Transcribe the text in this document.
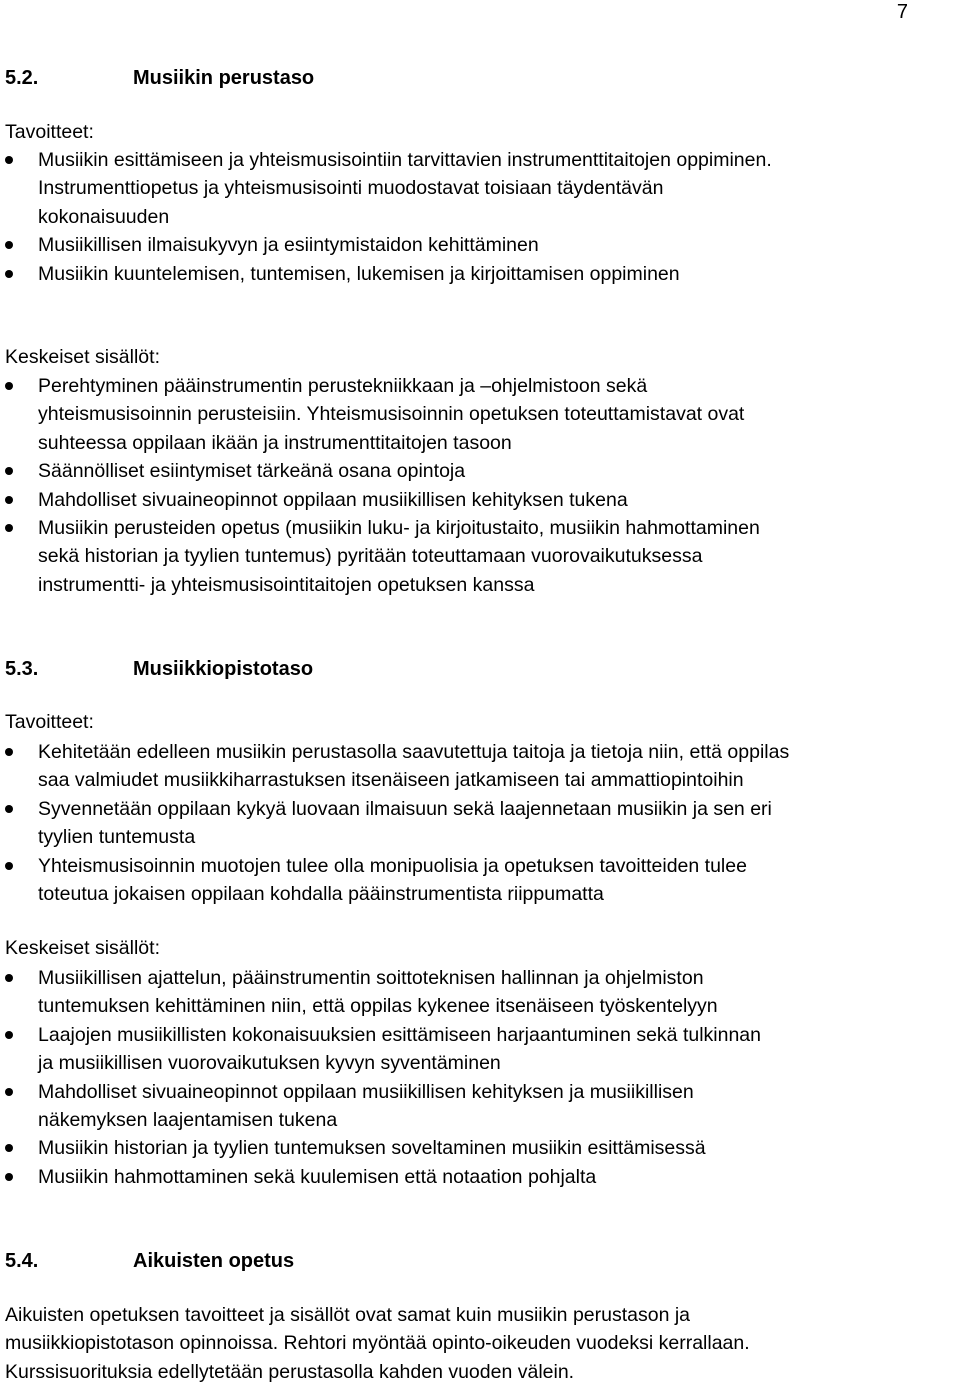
7
5.2.	Musiikin perustaso
Tavoitteet:
Musiikin esittämiseen ja yhteismusisointiin tarvittavien instrumenttitaitojen oppiminen.
Instrumenttiopetus ja yhteismusisointi muodostavat toisiaan täydentävän
kokonaisuuden
Musiikillisen ilmaisukyvyn ja esiintymistaidon kehittäminen
Musiikin kuuntelemisen, tuntemisen, lukemisen ja kirjoittamisen oppiminen
Keskeiset sisällöt:
Perehtyminen pääinstrumentin perustekniikkaan ja –ohjelmistoon sekä
yhteismusisoinnin perusteisiin. Yhteismusisoinnin opetuksen toteuttamistavat ovat
suhteessa oppilaan ikään ja instrumenttitaitojen tasoon
Säännölliset esiintymiset tärkeänä osana opintoja
Mahdolliset sivuaineopinnot oppilaan musiikillisen kehityksen tukena
Musiikin perusteiden opetus (musiikin luku- ja kirjoitustaito, musiikin hahmottaminen
sekä historian ja tyylien tuntemus) pyritään toteuttamaan vuorovaikutuksessa
instrumentti- ja yhteismusisointitaitojen opetuksen kanssa
5.3.	Musiikkiopistotaso
Tavoitteet:
Kehitetään edelleen musiikin perustasolla saavutettuja taitoja ja tietoja niin, että oppilas
saa valmiudet musiikkiharrastuksen itsenäiseen jatkamiseen tai ammattiopintoihin
Syvennetään oppilaan kykyä luovaan ilmaisuun sekä laajennetaan musiikin ja sen eri
tyylien tuntemusta
Yhteismusisoinnin muotojen tulee olla monipuolisia ja opetuksen tavoitteiden tulee
toteutua jokaisen oppilaan kohdalla pääinstrumentista riippumatta
Keskeiset sisällöt:
Musiikillisen ajattelun, pääinstrumentin soittoteknisen hallinnan ja ohjelmiston
tuntemuksen kehittäminen niin, että oppilas kykenee itsenäiseen työskentelyyn
Laajojen musiikillisten kokonaisuuksien esittämiseen harjaantuminen sekä tulkinnan
ja musiikillisen vuorovaikutuksen kyvyn syventäminen
Mahdolliset sivuaineopinnot oppilaan musiikillisen kehityksen ja musiikillisen
näkemyksen laajentamisen tukena
Musiikin historian ja tyylien tuntemuksen soveltaminen musiikin esittämisessä
Musiikin hahmottaminen sekä kuulemisen että notaation pohjalta
5.4.	Aikuisten opetus
Aikuisten opetuksen tavoitteet ja sisällöt ovat samat kuin musiikin perustason ja
musiikkiopistotason opinnoissa. Rehtori myöntää opinto-oikeuden vuodeksi kerrallaan.
Kurssisuorituksia edellytetään perustasolla kahden vuoden välein.
